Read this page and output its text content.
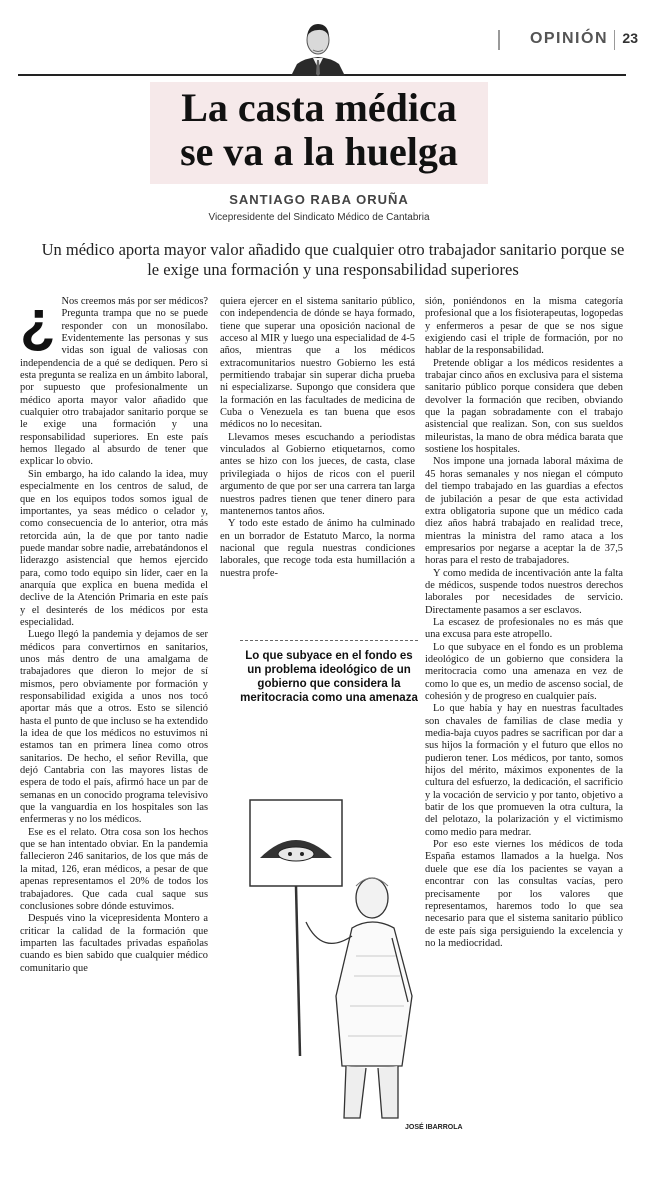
OPINIÓN 23
La casta médica
se va a la huelga
SANTIAGO RABA ORUÑA
Vicepresidente del Sindicato Médico de Cantabria
Un médico aporta mayor valor añadido que cualquier otro trabajador sanitario porque se le exige una formación y una responsabilidad superiores
¿ Nos creemos más por ser médicos? Pregunta trampa que no se puede responder con un monosílabo. Evidentemente las personas y sus vidas son igual de valiosas con independencia de a qué se dediquen. Pero si esta pregunta se realiza en un ámbito laboral, por supuesto que profesionalmente un médico aporta mayor valor añadido que cualquier otro trabajador sanitario porque se le exige una formación y una responsabilidad superiores. En este país hemos llegado al absurdo de tener que explicar lo obvio.

Sin embargo, ha ido calando la idea, muy especialmente en los centros de salud, de que en los equipos todos somos igual de importantes, ya seas médico o celador y, como consecuencia de lo anterior, otra más retorcida aún, la de que por tanto nadie puede mandar sobre nadie, arrebatándonos el liderazgo asistencial que hemos ejercido para, como todo equipo sin líder, caer en la anarquía que explica en buena medida el declive de la Atención Primaria en este país y el desinterés de los médicos por esta especialidad.

Luego llegó la pandemia y dejamos de ser médicos para convertirnos en sanitarios, unos más dentro de una amalgama de trabajadores que dieron lo mejor de sí mismos, pero obviamente por formación y responsabilidad exigida a unos nos tocó aportar más que a otros. Esto se silenció hasta el punto de que incluso se ha extendido la idea de que los médicos no estuvimos ni estamos tan en primera línea como otros sanitarios. De hecho, el señor Revilla, que dejó Cantabria con las mayores listas de espera de todo el país, afirmó hace un par de semanas en un conocido programa televisivo que la vanguardia en los hospitales son las enfermeras y no los médicos.

Ese es el relato. Otra cosa son los hechos que se han intentado obviar. En la pandemia fallecieron 246 sanitarios, de los que más de la mitad, 126, eran médicos, a pesar de que apenas representamos el 20% de todos los trabajadores. Que cada cual saque sus conclusiones sobre dónde estuvimos.

Después vino la vicepresidenta Montero a criticar la calidad de la formación que imparten las facultades privadas españolas cuando es bien sabido que cualquier médico comunitario que

quiera ejercer en el sistema sanitario público, con independencia de dónde se haya formado, tiene que superar una oposición nacional de acceso al MIR y luego una especialidad de 4-5 años, mientras que a los médicos extracomunitarios nuestro Gobierno les está permitiendo trabajar sin superar dicha prueba ni especializarse. Supongo que considera que la formación en las facultades de medicina de Cuba o Venezuela es tan buena que esos médicos no lo necesitan.

Llevamos meses escuchando a periodistas vinculados al Gobierno etiquetarnos, como antes se hizo con los jueces, de casta, clase privilegiada o hijos de ricos con el pueril argumento de que por ser una carrera tan larga nuestros padres tienen que tener dinero para mantenernos tantos años.

Y todo este estado de ánimo ha culminado en un borrador de Estatuto Marco, la norma nacional que regula nuestras condiciones laborales, que recoge toda esta humillación a nuestra profe-

Lo que subyace en el fondo es un problema ideológico de un gobierno que considera la meritocracia como una amenaza
JOSÉ IBARROLA

sión, poniéndonos en la misma categoría profesional que a los fisioterapeutas, logopedas y enfermeros a pesar de que se nos sigue exigiendo casi el triple de formación, por no hablar de la responsabilidad.

Pretende obligar a los médicos residentes a trabajar cinco años en exclusiva para el sistema sanitario público porque considera que deben devolver la formación que reciben, obviando que la pagan sobradamente con el trabajo asistencial que realizan. Son, con sus sueldos mileuristas, la mano de obra médica barata que sostiene los hospitales.

Nos impone una jornada laboral máxima de 45 horas semanales y nos niegan el cómputo del tiempo trabajado en las guardias a efectos de jubilación a pesar de que esta actividad extra obligatoria supone que un médico cada diez años habrá trabajado en realidad trece, mientras la ministra del ramo ataca a los empresarios por negarse a aceptar la de 37,5 horas para el resto de trabajadores.

Y como medida de incentivación ante la falta de médicos, suspende todos nuestros derechos laborales por necesidades de servicio. Directamente pasamos a ser esclavos.

La escasez de profesionales no es más que una excusa para este atropello.

Lo que subyace en el fondo es un problema ideológico de un gobierno que considera la meritocracia como una amenaza en vez de como lo que es, un medio de ascenso social, de cohesión y de progreso en cualquier país.

Lo que había y hay en nuestras facultades son chavales de familias de clase media y media-baja cuyos padres se sacrifican por dar a sus hijos la formación y el futuro que ellos no pudieron tener. Los médicos, por tanto, somos hijos del mérito, máximos exponentes de la cultura del esfuerzo, la dedicación, el sacrificio y la vocación de servicio y por tanto, objetivo a batir de los que promueven la otra cultura, la del pelotazo, la polarización y el victimismo como medio para medrar.

Por eso este viernes los médicos de toda España estamos llamados a la huelga. Nos duele que ese día los pacientes se vayan a encontrar con las consultas vacías, pero precisamente por los valores que representamos, haremos todo lo que sea necesario para que el sistema sanitario público de este país siga persiguiendo la excelencia y no la mediocridad.
